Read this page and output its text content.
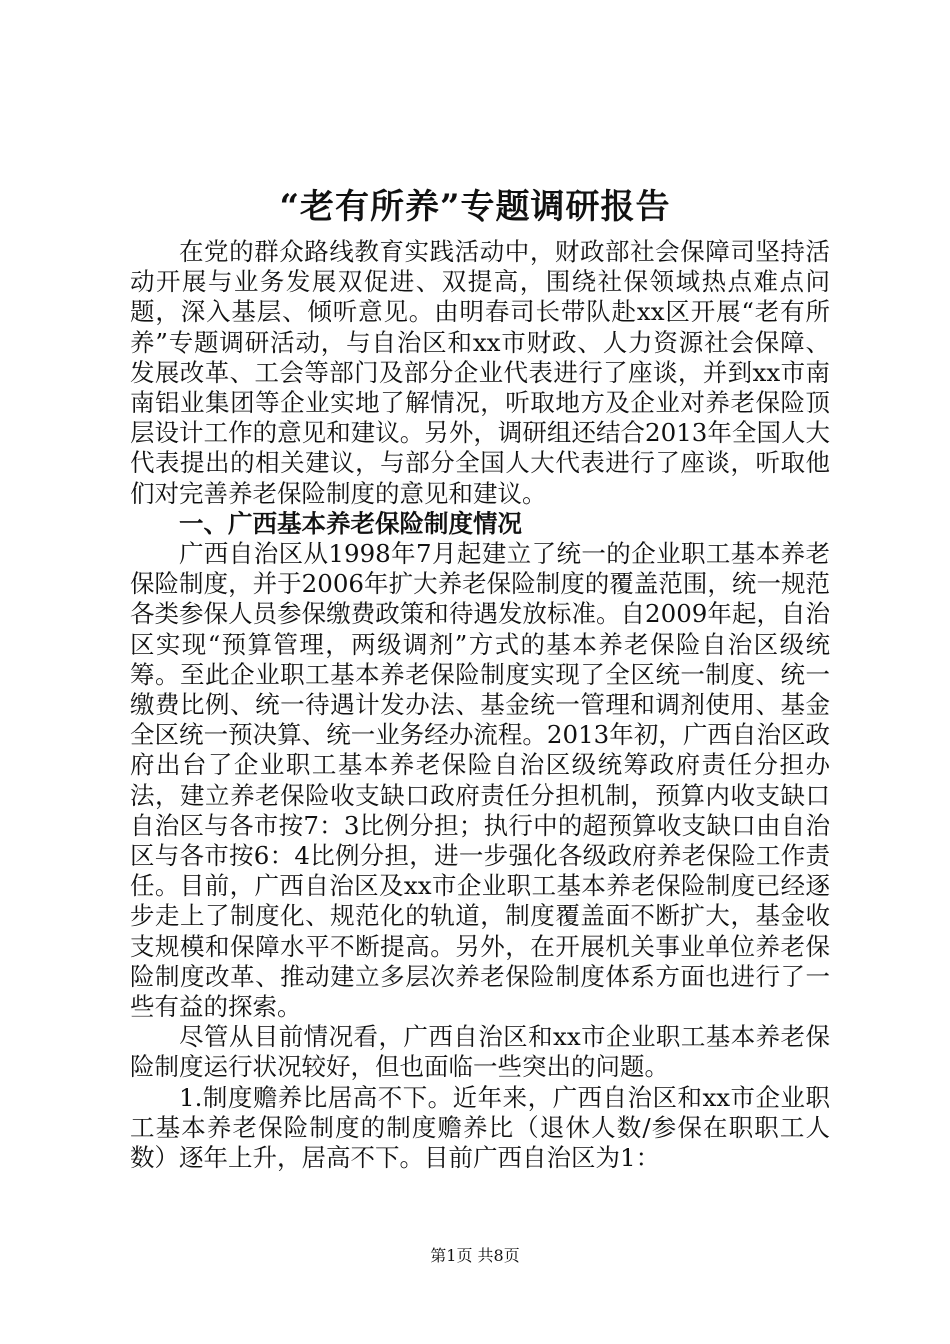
“老有所养”专题调研报告

在党的群众路线教育实践活动中，财政部社会保障司坚持活动开展与业务发展双促进、双提高，围绕社保领域热点难点问题，深入基层、倾听意见。由明春司长带队赴xx区开展“老有所养”专题调研活动，与自治区和xx市财政、人力资源社会保障、发展改革、工会等部门及部分企业代表进行了座谈，并到xx市南南铝业集团等企业实地了解情况，听取地方及企业对养老保险顶层设计工作的意见和建议。另外，调研组还结合2013年全国人大代表提出的相关建议，与部分全国人大代表进行了座谈，听取他们对完善养老保险制度的意见和建议。

一、广西基本养老保险制度情况

广西自治区从1998年7月起建立了统一的企业职工基本养老保险制度，并于2006年扩大养老保险制度的覆盖范围，统一规范各类参保人员参保缴费政策和待遇发放标准。自2009年起，自治区实现“预算管理，两级调剂”方式的基本养老保险自治区级统筹。至此企业职工基本养老保险制度实现了全区统一制度、统一缴费比例、统一待遇计发办法、基金统一管理和调剂使用、基金全区统一预决算、统一业务经办流程。2013年初，广西自治区政府出台了企业职工基本养老保险自治区级统筹政府责任分担办法，建立养老保险收支缺口政府责任分担机制，预算内收支缺口自治区与各市按7：3比例分担；执行中的超预算收支缺口由自治区与各市按6：4比例分担，进一步强化各级政府养老保险工作责任。目前，广西自治区及xx市企业职工基本养老保险制度已经逐步走上了制度化、规范化的轨道，制度覆盖面不断扩大，基金收支规模和保障水平不断提高。另外，在开展机关事业单位养老保险制度改革、推动建立多层次养老保险制度体系方面也进行了一些有益的探索。

尽管从目前情况看，广西自治区和xx市企业职工基本养老保险制度运行状况较好，但也面临一些突出的问题。

1.制度赡养比居高不下。近年来，广西自治区和xx市企业职工基本养老保险制度的制度赡养比（退休人数/参保在职职工人数）逐年上升，居高不下。目前广西自治区为1：

第1页 共8页
